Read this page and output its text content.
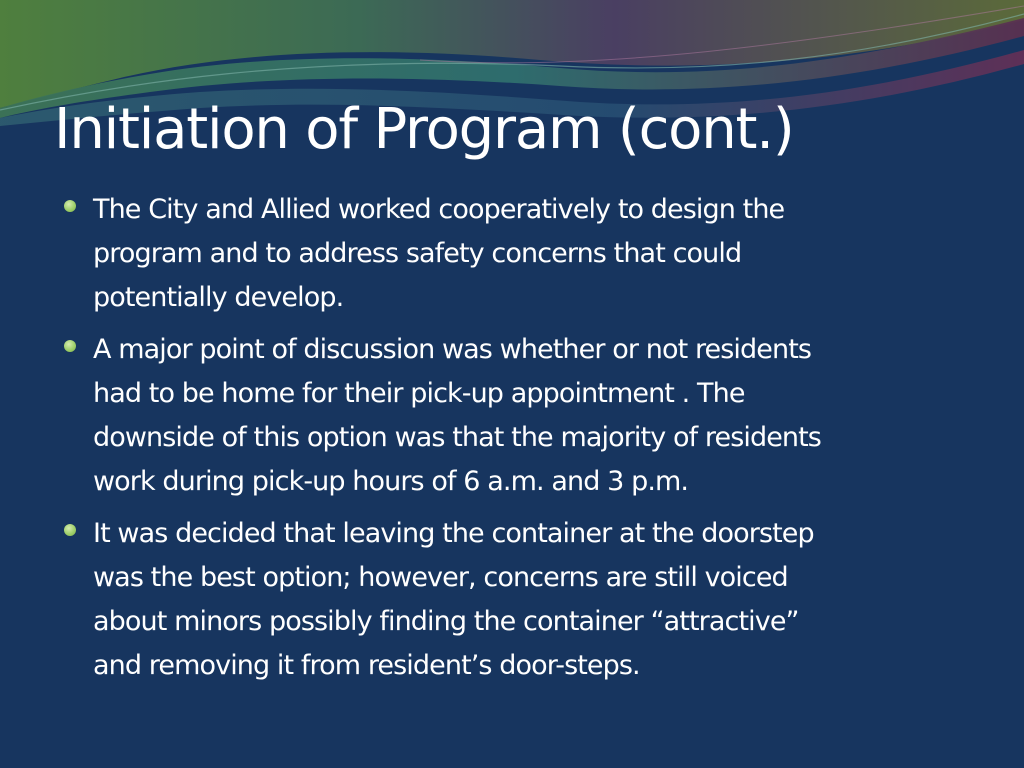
Initiation of Program (cont.)
The City and Allied worked cooperatively to design the
program and to address safety concerns that could
potentially develop.
A major point of discussion was whether or not residents
had to be home for their pick-up appointment . The
downside of this option was that the majority of residents
work during pick-up hours of 6 a.m. and 3 p.m.
It was decided that leaving the container at the doorstep
was the best option; however, concerns are still voiced
about minors possibly finding the container “attractive”
and removing it from resident’s door-steps.
